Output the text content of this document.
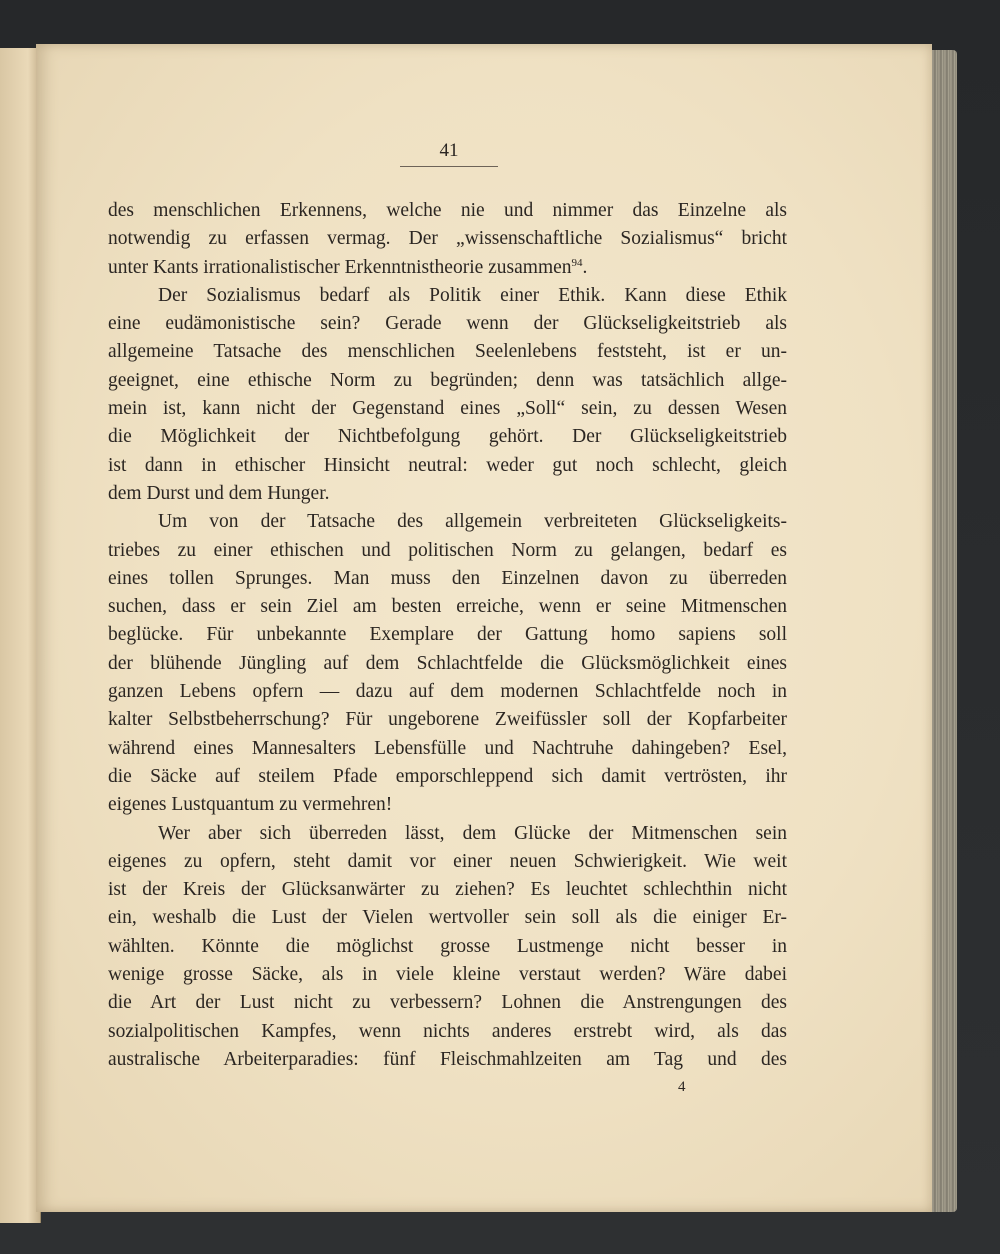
41
des menschlichen Erkennens, welche nie und nimmer das Einzelne als
notwendig zu erfassen vermag. Der „wissenschaftliche Sozialismus“ bricht
unter Kants irrationalistischer Erkenntnistheorie zusammen$^{94}$.
Der Sozialismus bedarf als Politik einer Ethik. Kann diese Ethik
eine eudämonistische sein? Gerade wenn der Glückseligkeitstrieb als
allgemeine Tatsache des menschlichen Seelenlebens feststeht, ist er un-
geeignet, eine ethische Norm zu begründen; denn was tatsächlich allge-
mein ist, kann nicht der Gegenstand eines „Soll“ sein, zu dessen Wesen
die Möglichkeit der Nichtbefolgung gehört. Der Glückseligkeitstrieb
ist dann in ethischer Hinsicht neutral: weder gut noch schlecht, gleich
dem Durst und dem Hunger.
Um von der Tatsache des allgemein verbreiteten Glückseligkeits-
triebes zu einer ethischen und politischen Norm zu gelangen, bedarf es
eines tollen Sprunges. Man muss den Einzelnen davon zu überreden
suchen, dass er sein Ziel am besten erreiche, wenn er seine Mitmenschen
beglücke. Für unbekannte Exemplare der Gattung homo sapiens soll
der blühende Jüngling auf dem Schlachtfelde die Glücksmöglichkeit eines
ganzen Lebens opfern — dazu auf dem modernen Schlachtfelde noch in
kalter Selbstbeherrschung? Für ungeborene Zweifüssler soll der Kopfarbeiter
während eines Mannesalters Lebensfülle und Nachtruhe dahingeben? Esel,
die Säcke auf steilem Pfade emporschleppend sich damit vertrösten, ihr
eigenes Lustquantum zu vermehren!
Wer aber sich überreden lässt, dem Glücke der Mitmenschen sein
eigenes zu opfern, steht damit vor einer neuen Schwierigkeit. Wie weit
ist der Kreis der Glücksanwärter zu ziehen? Es leuchtet schlechthin nicht
ein, weshalb die Lust der Vielen wertvoller sein soll als die einiger Er-
wählten. Könnte die möglichst grosse Lustmenge nicht besser in
wenige grosse Säcke, als in viele kleine verstaut werden? Wäre dabei
die Art der Lust nicht zu verbessern? Lohnen die Anstrengungen des
sozialpolitischen Kampfes, wenn nichts anderes erstrebt wird, als das
australische Arbeiterparadies: fünf Fleischmahlzeiten am Tag und des
4
